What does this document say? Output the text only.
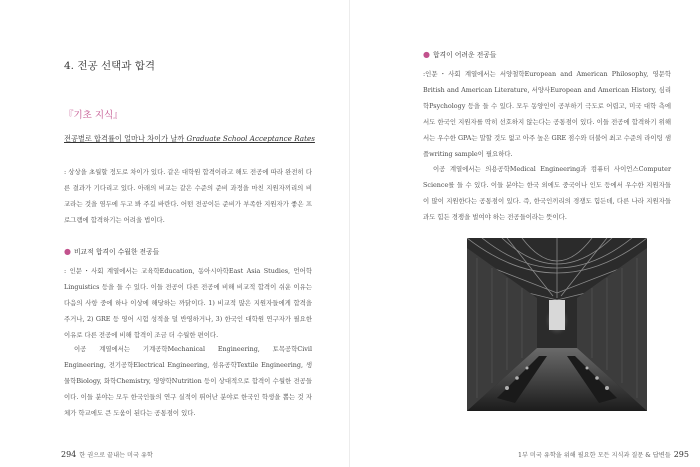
4. 전공 선택과 합격
『기초 지식』
전공별로 합격률이 얼마나 차이가 날까 Graduate School Acceptance Rates
: 상상을 초월할 정도로 차이가 있다. 같은 대학원 합격이라고 해도 전공에 따라 완전히 다른 결과가 기다리고 있다. 아래의 비교는 같은 수준의 준비 과정을 마친 지원자끼리의 비교라는 것을 염두에 두고 봐 주길 바란다. 어떤 전공이든 준비가 부족한 지원자가 좋은 프로그램에 합격하기는 어려울 법이다.
● 비교적 합격이 수월한 전공들
: 인문・사회 계열에서는 교육학Education, 동아시아학East Asia Studies, 언어학Linguistics 등을 들 수 있다. 이들 전공이 다른 전공에 비해 비교적 합격이 쉬운 이유는 다음의 사항 중에 하나 이상에 해당하는 까닭이다. 1) 비교적 많은 지원자들에게 합격을 주거나, 2) GRE 등 영어 시험 성적을 덜 반영하거나, 3) 한국인 대학원 연구자가 필요한 이유로 다른 전공에 비해 합격이 조금 더 수월한 편이다.
이공 계열에서는 기계공학Mechanical Engineering, 토목공학Civil Engineering, 전기공학Electrical Engineering, 섬유공학Textile Engineering, 생물학Biology, 화학Chemistry, 영양학Nutrition 등이 상대적으로 합격이 수월한 전공들이다. 이들 분야는 모두 한국인들의 연구 실적이 뛰어난 분야로 한국인 학생을 뽑는 것 자체가 학교에도 큰 도움이 된다는 공통점이 있다.
294 한 권으로 끝내는 미국 유학	1부 미국 유학을 위해 필요한 모든 지식과 질문 & 답변들 295
● 합격이 어려운 전공들
:인문・사회 계열에서는 서양철학European and American Philosophy, 영문학British and American Literature, 서양사European and American History, 심리학Psychology 등을 들 수 있다. 모두 동양인이 공부하기 극도로 어렵고, 미국 대학 측에서도 한국인 지원자를 딱히 선호하지 않는다는 공통점이 있다. 이들 전공에 합격하기 위해서는 우수한 GPA는 말할 것도 없고 아주 높은 GRE 점수와 더불어 최고 수준의 라이팅 샘플writing sample이 필요하다.
이공 계열에서는 의용공학Medical Engineering과 컴퓨터 사이언스Computer Science를 들 수 있다. 이들 분야는 한국 외에도 중국이나 인도 등에서 우수한 지원자들이 많이 지원한다는 공통점이 있다. 즉, 한국인끼리의 경쟁도 힘든데, 다른 나라 지원자들과도 힘든 경쟁을 벌여야 하는 전공들이라는 뜻이다.
